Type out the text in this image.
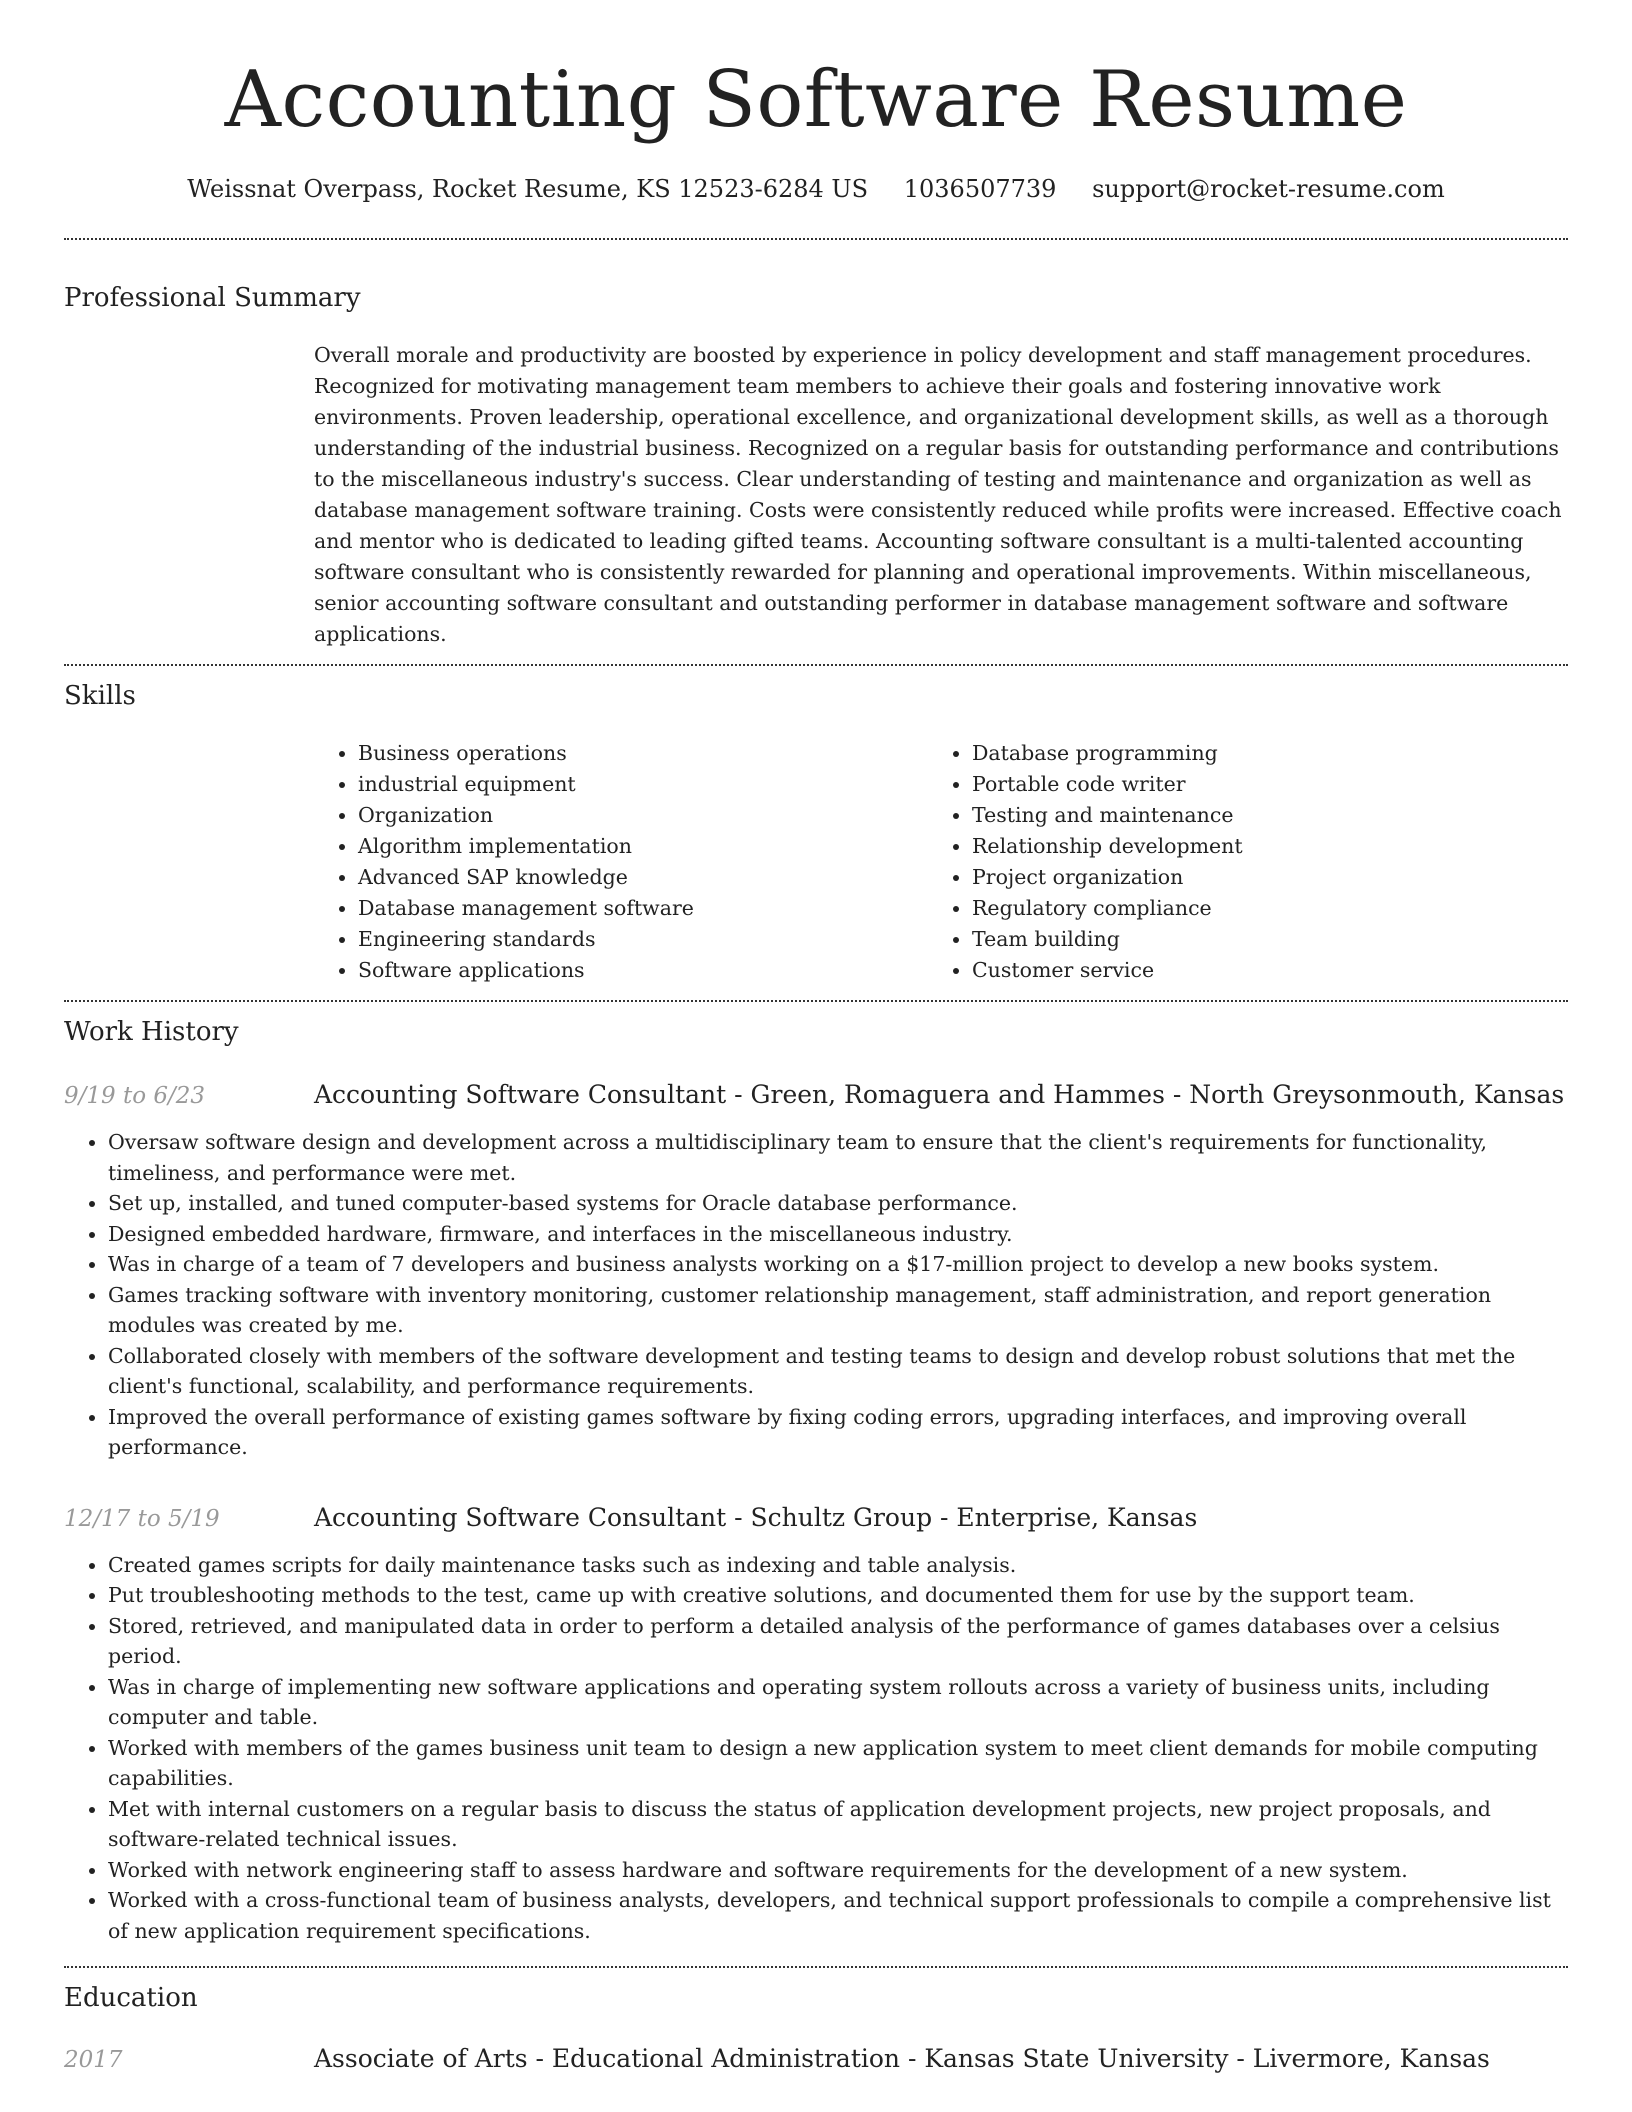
Accounting Software Resume
Weissnat Overpass, Rocket Resume, KS 12523-6284 US 1036507739 support@rocket-resume.com
Professional Summary
Overall morale and productivity are boosted by experience in policy development and staff management procedures. Recognized for motivating management team members to achieve their goals and fostering innovative work environments. Proven leadership, operational excellence, and organizational development skills, as well as a thorough understanding of the industrial business. Recognized on a regular basis for outstanding performance and contributions to the miscellaneous industry's success. Clear understanding of testing and maintenance and organization as well as database management software training. Costs were consistently reduced while profits were increased. Effective coach and mentor who is dedicated to leading gifted teams. Accounting software consultant is a multi-talented accounting software consultant who is consistently rewarded for planning and operational improvements. Within miscellaneous, senior accounting software consultant and outstanding performer in database management software and software applications.
Skills
• Business operations
• industrial equipment
• Organization
• Algorithm implementation
• Advanced SAP knowledge
• Database management software
• Engineering standards
• Software applications
• Database programming
• Portable code writer
• Testing and maintenance
• Relationship development
• Project organization
• Regulatory compliance
• Team building
• Customer service
Work History
9/19 to 6/23	Accounting Software Consultant - Green, Romaguera and Hammes - North Greysonmouth, Kansas
• Oversaw software design and development across a multidisciplinary team to ensure that the client's requirements for functionality, timeliness, and performance were met.
• Set up, installed, and tuned computer-based systems for Oracle database performance.
• Designed embedded hardware, firmware, and interfaces in the miscellaneous industry.
• Was in charge of a team of 7 developers and business analysts working on a $17-million project to develop a new books system.
• Games tracking software with inventory monitoring, customer relationship management, staff administration, and report generation modules was created by me.
• Collaborated closely with members of the software development and testing teams to design and develop robust solutions that met the client's functional, scalability, and performance requirements.
• Improved the overall performance of existing games software by fixing coding errors, upgrading interfaces, and improving overall performance.
12/17 to 5/19	Accounting Software Consultant - Schultz Group - Enterprise, Kansas
• Created games scripts for daily maintenance tasks such as indexing and table analysis.
• Put troubleshooting methods to the test, came up with creative solutions, and documented them for use by the support team.
• Stored, retrieved, and manipulated data in order to perform a detailed analysis of the performance of games databases over a celsius period.
• Was in charge of implementing new software applications and operating system rollouts across a variety of business units, including computer and table.
• Worked with members of the games business unit team to design a new application system to meet client demands for mobile computing capabilities.
• Met with internal customers on a regular basis to discuss the status of application development projects, new project proposals, and software-related technical issues.
• Worked with network engineering staff to assess hardware and software requirements for the development of a new system.
• Worked with a cross-functional team of business analysts, developers, and technical support professionals to compile a comprehensive list of new application requirement specifications.
Education
2017	Associate of Arts - Educational Administration - Kansas State University - Livermore, Kansas
